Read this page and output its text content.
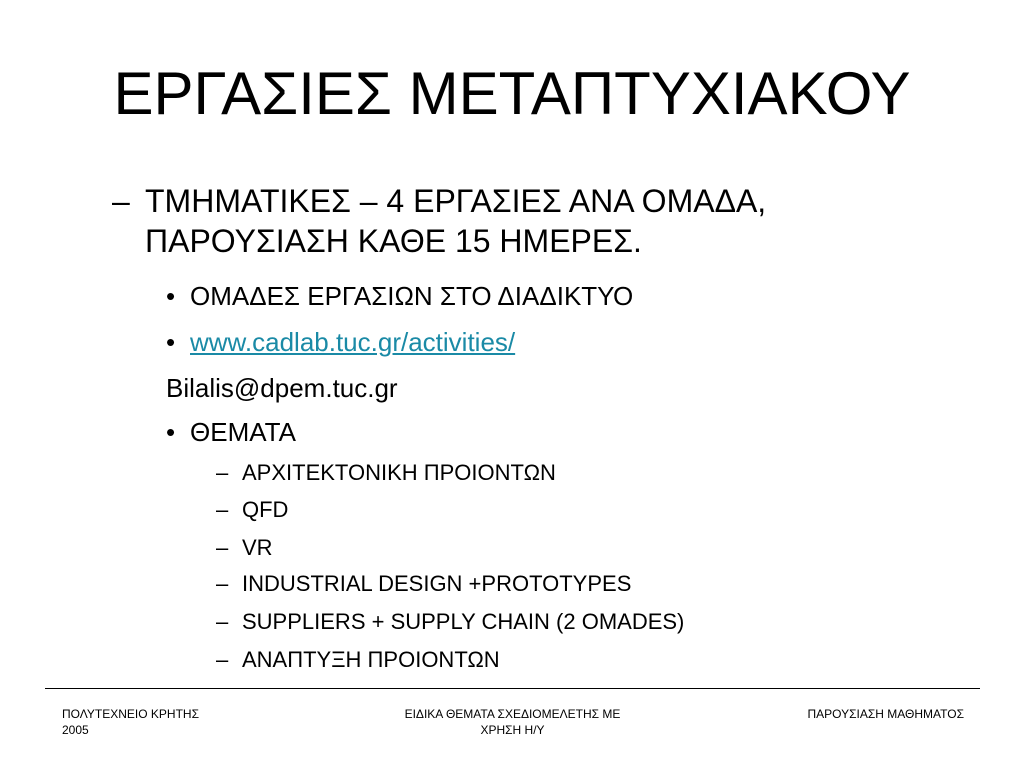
ΕΡΓΑΣΙΕΣ ΜΕΤΑΠΤΥΧΙΑΚΟΥ
– ΤΜΗΜΑΤΙΚΕΣ – 4 ΕΡΓΑΣΙΕΣ ΑΝΑ ΟΜΑΔΑ,
ΠΑΡΟΥΣΙΑΣΗ ΚΑΘΕ 15 ΗΜΕΡΕΣ.
• ΟΜΑΔΕΣ ΕΡΓΑΣΙΩΝ ΣΤΟ ΔΙΑΔΙΚΤΥΟ
• www.cadlab.tuc.gr/activities/
Bilalis@dpem.tuc.gr
• ΘΕΜΑΤΑ
– ΑΡΧΙΤΕΚΤΟΝΙΚΗ ΠΡΟΙΟΝΤΩΝ
– QFD
– VR
– INDUSTRIAL DESIGN +PROTOTYPES
– SUPPLIERS + SUPPLY CHAIN (2 OMADES)
– ΑΝΑΠΤΥΞΗ ΠΡΟΙΟΝΤΩΝ
ΠΟΛΥΤΕΧΝΕΙΟ ΚΡΗΤΗΣ
2005
ΕΙΔΙΚΑ ΘΕΜΑΤΑ ΣΧΕΔΙΟΜΕΛΕΤΗΣ ΜΕ
ΧΡΗΣΗ Η/Υ
ΠΑΡΟΥΣΙΑΣΗ ΜΑΘΗΜΑΤΟΣ
